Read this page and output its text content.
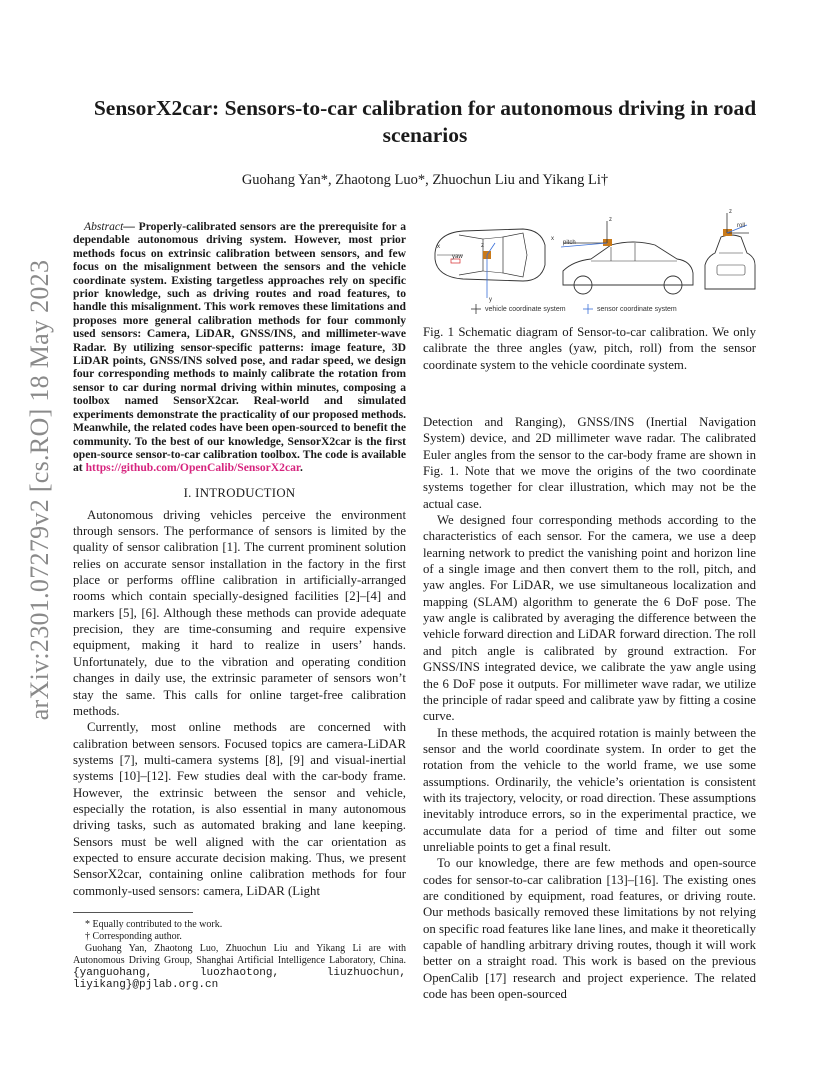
arXiv:2301.07279v2 [cs.RO] 18 May 2023
SensorX2car: Sensors-to-car calibration for autonomous driving in road scenarios

Guohang Yan*, Zhaotong Luo*, Zhuochun Liu and Yikang Li†

Abstract— Properly-calibrated sensors are the prerequisite for a dependable autonomous driving system. However, most prior methods focus on extrinsic calibration between sensors, and few focus on the misalignment between the sensors and the vehicle coordinate system. Existing targetless approaches rely on specific prior knowledge, such as driving routes and road features, to handle this misalignment. This work removes these limitations and proposes more general calibration methods for four commonly used sensors: Camera, LiDAR, GNSS/INS, and millimeter-wave Radar. By utilizing sensor-specific patterns: image feature, 3D LiDAR points, GNSS/INS solved pose, and radar speed, we design four corresponding methods to mainly calibrate the rotation from sensor to car during normal driving within minutes, composing a toolbox named SensorX2car. Real-world and simulated experiments demonstrate the practicality of our proposed methods. Meanwhile, the related codes have been open-sourced to benefit the community. To the best of our knowledge, SensorX2car is the first open-source sensor-to-car calibration toolbox. The code is available at https://github.com/OpenCalib/SensorX2car.

I. INTRODUCTION

Autonomous driving vehicles perceive the environment through sensors. The performance of sensors is limited by the quality of sensor calibration [1]. The current prominent solution relies on accurate sensor installation in the factory in the first place or performs offline calibration in artificially-arranged rooms which contain specially-designed facilities [2]–[4] and markers [5], [6]. Although these methods can provide adequate precision, they are time-consuming and require expensive equipment, making it hard to realize in users’ hands. Unfortunately, due to the vibration and operating condition changes in daily use, the extrinsic parameter of sensors won’t stay the same. This calls for online target-free calibration methods.

Currently, most online methods are concerned with calibration between sensors. Focused topics are camera-LiDAR systems [7], multi-camera systems [8], [9] and visual-inertial systems [10]–[12]. Few studies deal with the car-body frame. However, the extrinsic between the sensor and vehicle, especially the rotation, is also essential in many autonomous driving tasks, such as automated braking and lane keeping. Sensors must be well aligned with the car orientation as expected to ensure accurate decision making. Thus, we present SensorX2car, containing online calibration methods for four commonly-used sensors: camera, LiDAR (Light

* Equally contributed to the work.

† Corresponding author.

Guohang Yan, Zhaotong Luo, Zhuochun Liu and Yikang Li are with Autonomous Driving Group, Shanghai Artificial Intelligence Laboratory, China. {yanguohang, luozhaotong, liuzhuochun, liyikang}@pjlab.org.cn

x
yaw
z
y
z
x
pitch
z
roll
vehicle coordinate system	sensor coordinate system

Fig. 1 Schematic diagram of Sensor-to-car calibration. We only calibrate the three angles (yaw, pitch, roll) from the sensor coordinate system to the vehicle coordinate system.

Detection and Ranging), GNSS/INS (Inertial Navigation System) device, and 2D millimeter wave radar. The calibrated Euler angles from the sensor to the car-body frame are shown in Fig. 1. Note that we move the origins of the two coordinate systems together for clear illustration, which may not be the actual case.

We designed four corresponding methods according to the characteristics of each sensor. For the camera, we use a deep learning network to predict the vanishing point and horizon line of a single image and then convert them to the roll, pitch, and yaw angles. For LiDAR, we use simultaneous localization and mapping (SLAM) algorithm to generate the 6 DoF pose. The yaw angle is calibrated by averaging the difference between the vehicle forward direction and LiDAR forward direction. The roll and pitch angle is calibrated by ground extraction. For GNSS/INS integrated device, we calibrate the yaw angle using the 6 DoF pose it outputs. For millimeter wave radar, we utilize the principle of radar speed and calibrate yaw by fitting a cosine curve.

In these methods, the acquired rotation is mainly between the sensor and the world coordinate system. In order to get the rotation from the vehicle to the world frame, we use some assumptions. Ordinarily, the vehicle’s orientation is consistent with its trajectory, velocity, or road direction. These assumptions inevitably introduce errors, so in the experimental practice, we accumulate data for a period of time and filter out some unreliable points to get a final result.

To our knowledge, there are few methods and open-source codes for sensor-to-car calibration [13]–[16]. The existing ones are conditioned by equipment, road features, or driving route. Our methods basically removed these limitations by not relying on specific road features like lane lines, and make it theoretically capable of handling arbitrary driving routes, though it will work better on a straight road. This work is based on the previous OpenCalib [17] research and project experience. The related code has been open-sourced
